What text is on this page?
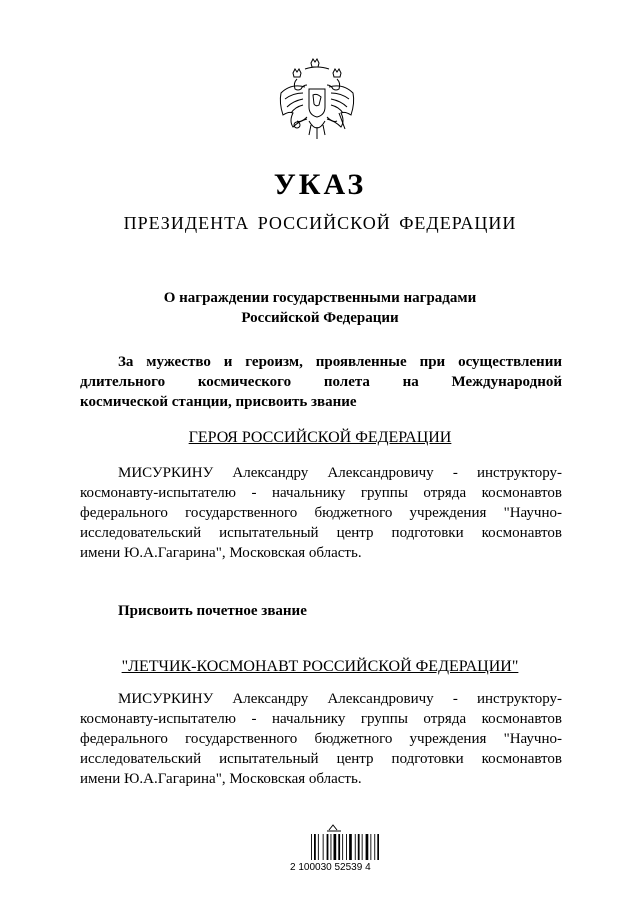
УКАЗ
ПРЕЗИДЕНТА РОССИЙСКОЙ ФЕДЕРАЦИИ
О награждении государственными наградами
Российской Федерации
За мужество и героизм, проявленные при осуществлении
длительного космического полета на Международной
космической станции, присвоить звание
ГЕРОЯ РОССИЙСКОЙ ФЕДЕРАЦИИ
МИСУРКИНУ Александру Александровичу - инструктору-
космонавту-испытателю - начальнику группы отряда космонавтов
федерального государственного бюджетного учреждения "Научно-
исследовательский испытательный центр подготовки космонавтов
имени Ю.А.Гагарина", Московская область.
Присвоить почетное звание
"ЛЕТЧИК-КОСМОНАВТ РОССИЙСКОЙ ФЕДЕРАЦИИ"
МИСУРКИНУ Александру Александровичу - инструктору-
космонавту-испытателю - начальнику группы отряда космонавтов
федерального государственного бюджетного учреждения "Научно-
исследовательский испытательный центр подготовки космонавтов
имени Ю.А.Гагарина", Московская область.
2 100030 52539 4
